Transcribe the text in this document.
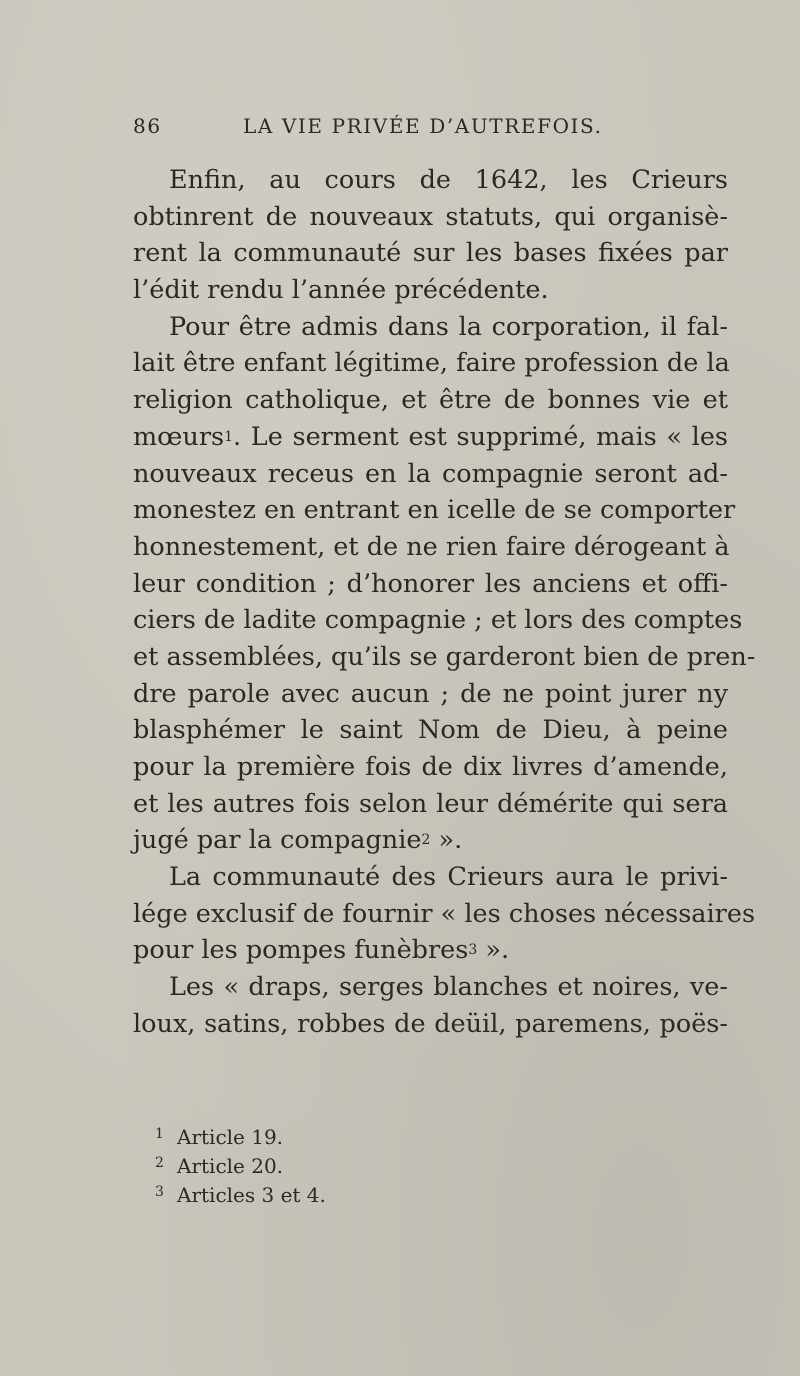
86	LA VIE PRIVÉE D’AUTREFOIS.
Enfin, au cours de 1642, les Crieurs
obtinrent de nouveaux statuts, qui organisè-
rent la communauté sur les bases fixées par
l’édit rendu l’année précédente.
Pour être admis dans la corporation, il fal-
lait être enfant légitime, faire profession de la
religion catholique, et être de bonnes vie et
mœurs$^1$. Le serment est supprimé, mais « les
nouveaux receus en la compagnie seront ad-
monestez en entrant en icelle de se comporter
honnestement, et de ne rien faire dérogeant à
leur condition ; d’honorer les anciens et offi-
ciers de ladite compagnie ; et lors des comptes
et assemblées, qu’ils se garderont bien de pren-
dre parole avec aucun ; de ne point jurer ny
blasphémer le saint Nom de Dieu, à peine
pour la première fois de dix livres d’amende,
et les autres fois selon leur démérite qui sera
jugé par la compagnie$^2$ ».
La communauté des Crieurs aura le privi-
lége exclusif de fournir « les choses nécessaires
pour les pompes funèbres$^3$ ».
Les « draps, serges blanches et noires, ve-
loux, satins, robbes de deüil, paremens, poës-
1 Article 19.
2 Article 20.
3 Articles 3 et 4.
